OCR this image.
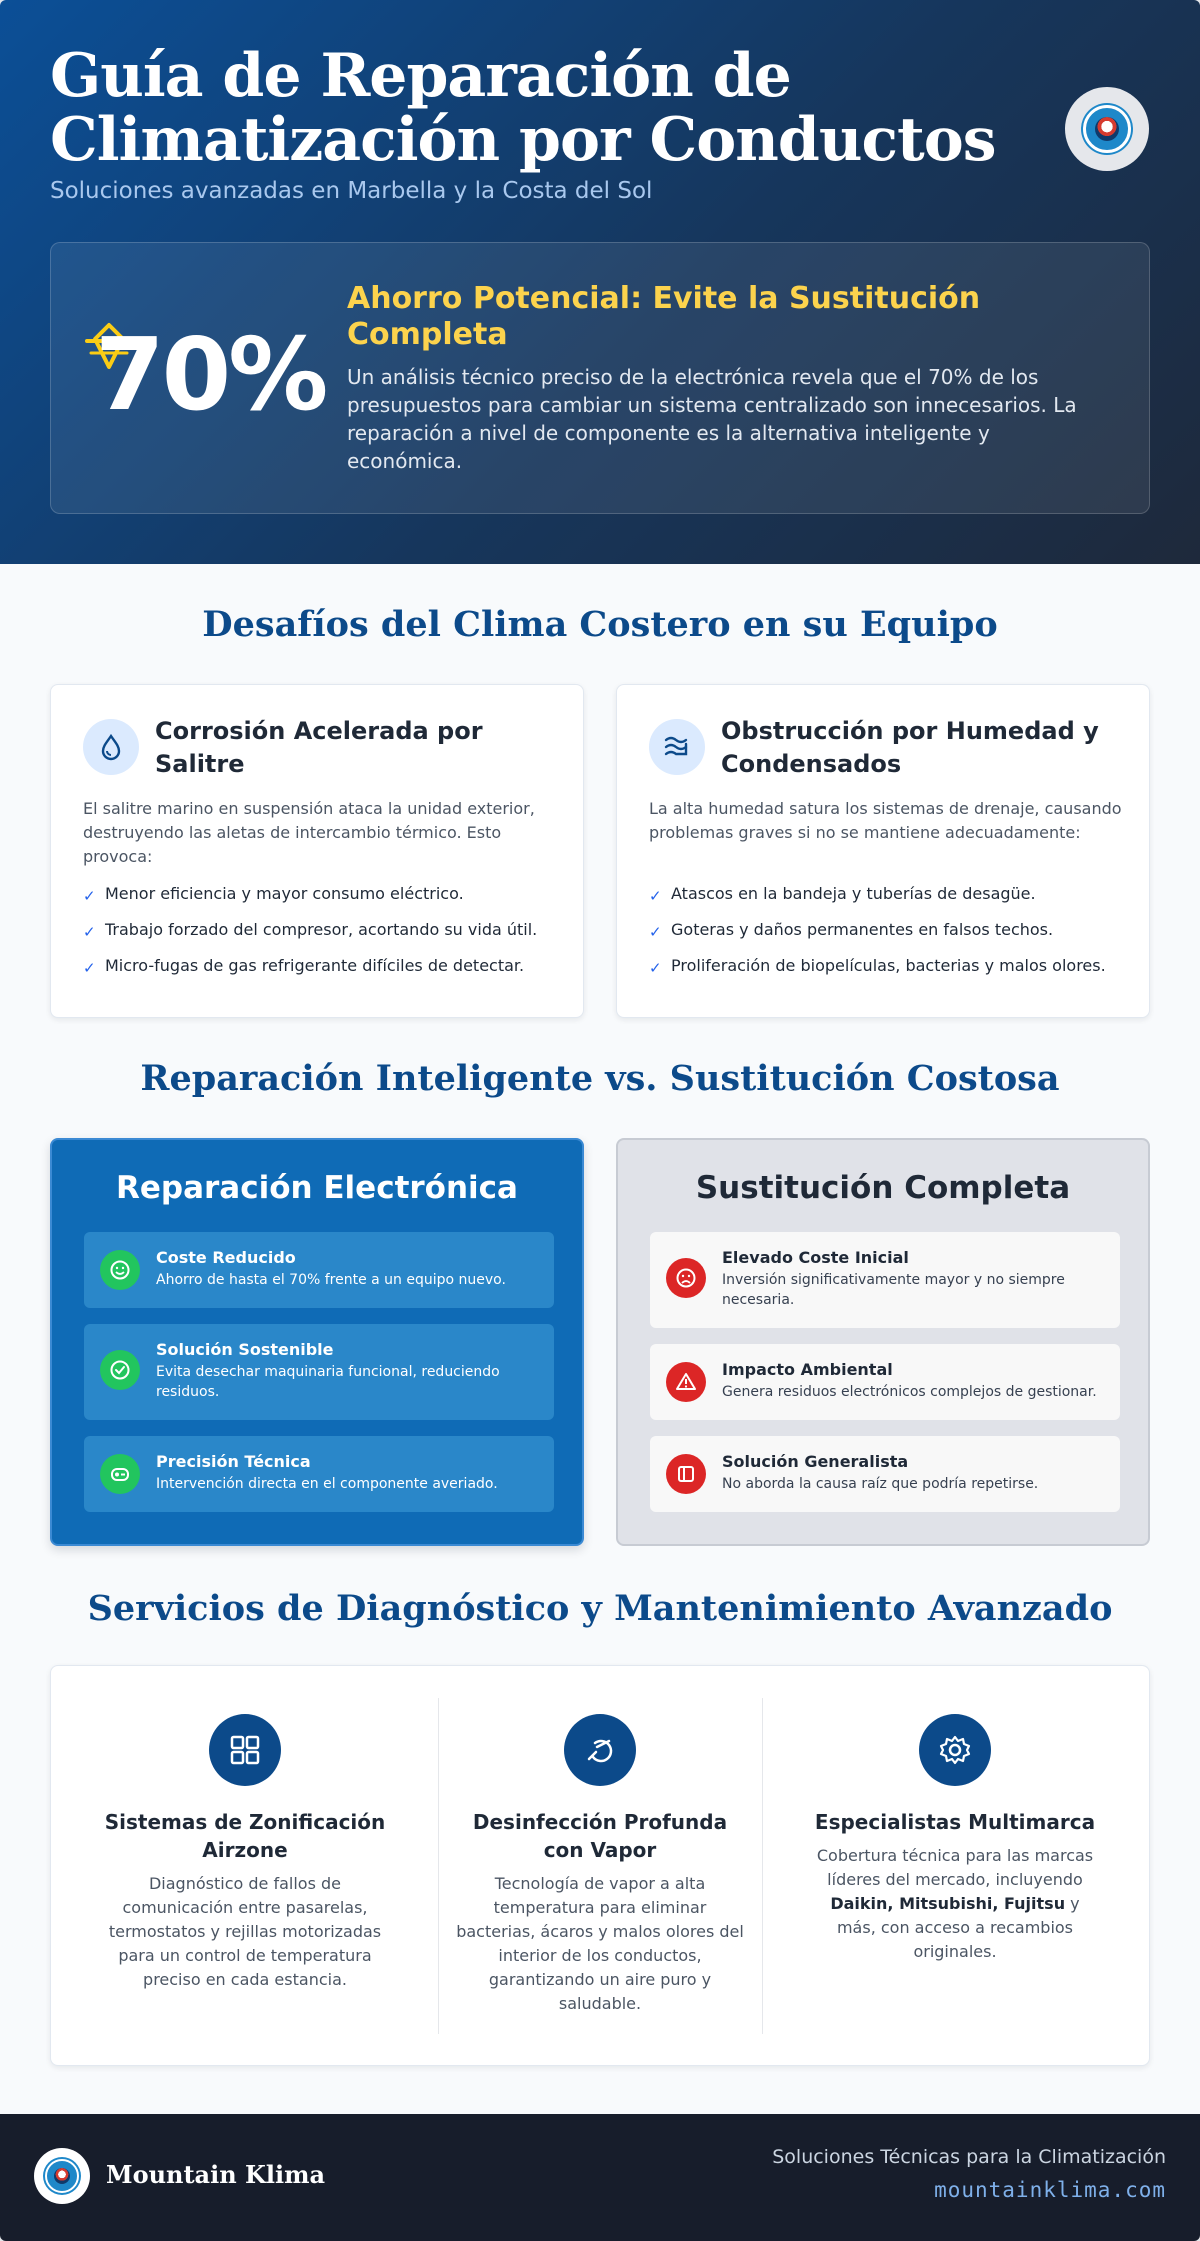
Guía de Reparación de
Climatización por Conductos
Soluciones avanzadas en Marbella y la Costa del Sol
70%
Ahorro Potencial: Evite la Sustitución Completa
Un análisis técnico preciso de la electrónica revela que el 70% de los presupuestos para cambiar un sistema centralizado son innecesarios. La reparación a nivel de componente es la alternativa inteligente y económica.
Desafíos del Clima Costero en su Equipo
Corrosión Acelerada por Salitre
El salitre marino en suspensión ataca la unidad exterior, destruyendo las aletas de intercambio térmico. Esto provoca:
✓ Menor eficiencia y mayor consumo eléctrico.
✓ Trabajo forzado del compresor, acortando su vida útil.
✓ Micro-fugas de gas refrigerante difíciles de detectar.
Obstrucción por Humedad y Condensados
La alta humedad satura los sistemas de drenaje, causando problemas graves si no se mantiene adecuadamente:
✓ Atascos en la bandeja y tuberías de desagüe.
✓ Goteras y daños permanentes en falsos techos.
✓ Proliferación de biopelículas, bacterias y malos olores.
Reparación Inteligente vs. Sustitución Costosa
Reparación Electrónica
Coste Reducido
Ahorro de hasta el 70% frente a un equipo nuevo.
Solución Sostenible
Evita desechar maquinaria funcional, reduciendo residuos.
Precisión Técnica
Intervención directa en el componente averiado.
Sustitución Completa
Elevado Coste Inicial
Inversión significativamente mayor y no siempre necesaria.
Impacto Ambiental
Genera residuos electrónicos complejos de gestionar.
Solución Generalista
No aborda la causa raíz que podría repetirse.
Servicios de Diagnóstico y Mantenimiento Avanzado
Sistemas de Zonificación Airzone
Diagnóstico de fallos de comunicación entre pasarelas, termostatos y rejillas motorizadas para un control de temperatura preciso en cada estancia.
Desinfección Profunda con Vapor
Tecnología de vapor a alta temperatura para eliminar bacterias, ácaros y malos olores del interior de los conductos, garantizando un aire puro y saludable.
Especialistas Multimarca
Cobertura técnica para las marcas líderes del mercado, incluyendo Daikin, Mitsubishi, Fujitsu y más, con acceso a recambios originales.
Mountain Klima
Soluciones Técnicas para la Climatización
mountainklima.com
